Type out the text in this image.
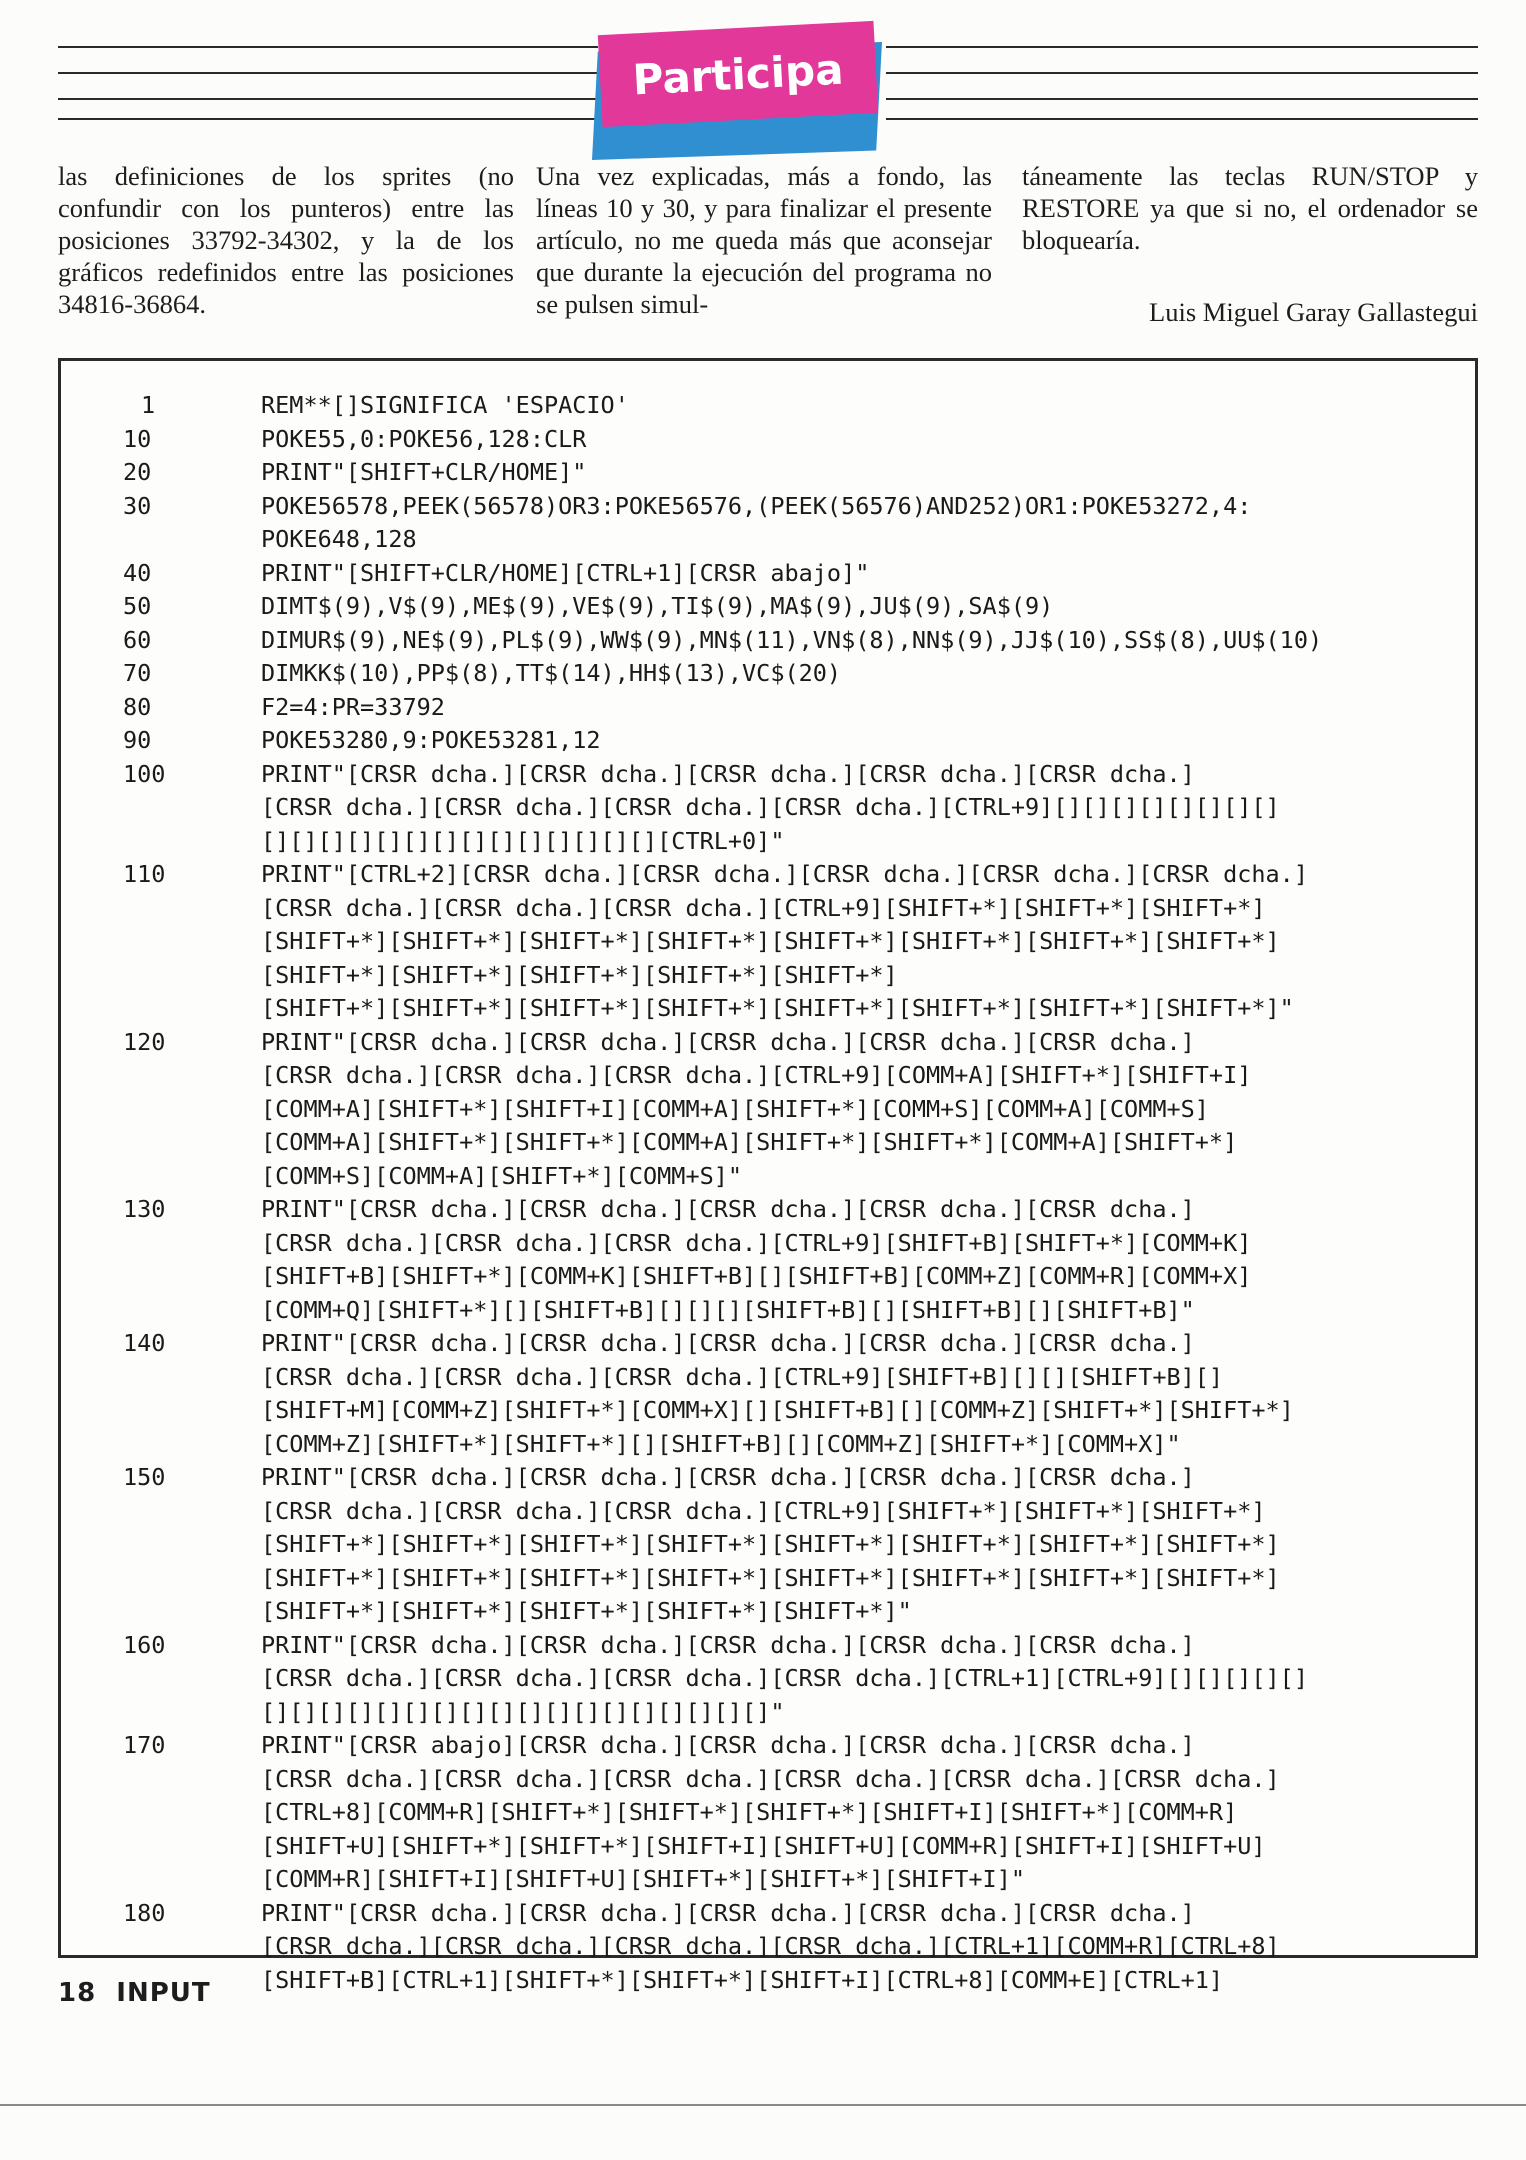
Participa

las definiciones de los sprites (no confundir con los punteros) entre las posiciones 33792-34302, y la de los gráficos redefinidos entre las posiciones 34816-36864.

Una vez explicadas, más a fondo, las líneas 10 y 30, y para finalizar el presente artículo, no me queda más que aconsejar que durante la ejecución del programa no se pulsen simul-

táneamente las teclas RUN/STOP y RESTORE ya que si no, el ordenador se bloquearía.

Luis Miguel Garay Gallastegui

1	REM**[]SIGNIFICA 'ESPACIO'
10	POKE55,0:POKE56,128:CLR
20	PRINT"[SHIFT+CLR/HOME]"
30	POKE56578,PEEK(56578)OR3:POKE56576,(PEEK(56576)AND252)OR1:POKE53272,4:
POKE648,128
40	PRINT"[SHIFT+CLR/HOME][CTRL+1][CRSR abajo]"
50	DIMT$(9),V$(9),ME$(9),VE$(9),TI$(9),MA$(9),JU$(9),SA$(9)
60	DIMUR$(9),NE$(9),PL$(9),WW$(9),MN$(11),VN$(8),NN$(9),JJ$(10),SS$(8),UU$(10)
70	DIMKK$(10),PP$(8),TT$(14),HH$(13),VC$(20)
80	F2=4:PR=33792
90	POKE53280,9:POKE53281,12
100	PRINT"[CRSR dcha.][CRSR dcha.][CRSR dcha.][CRSR dcha.][CRSR dcha.]
[CRSR dcha.][CRSR dcha.][CRSR dcha.][CRSR dcha.][CTRL+9][][][][][][][][]
[][][][][][][][][][][][][][][CTRL+0]"
110	PRINT"[CTRL+2][CRSR dcha.][CRSR dcha.][CRSR dcha.][CRSR dcha.][CRSR dcha.]
[CRSR dcha.][CRSR dcha.][CRSR dcha.][CTRL+9][SHIFT+*][SHIFT+*][SHIFT+*]
[SHIFT+*][SHIFT+*][SHIFT+*][SHIFT+*][SHIFT+*][SHIFT+*][SHIFT+*][SHIFT+*]
[SHIFT+*][SHIFT+*][SHIFT+*][SHIFT+*][SHIFT+*]
[SHIFT+*][SHIFT+*][SHIFT+*][SHIFT+*][SHIFT+*][SHIFT+*][SHIFT+*][SHIFT+*]"
120	PRINT"[CRSR dcha.][CRSR dcha.][CRSR dcha.][CRSR dcha.][CRSR dcha.]
[CRSR dcha.][CRSR dcha.][CRSR dcha.][CTRL+9][COMM+A][SHIFT+*][SHIFT+I]
[COMM+A][SHIFT+*][SHIFT+I][COMM+A][SHIFT+*][COMM+S][COMM+A][COMM+S]
[COMM+A][SHIFT+*][SHIFT+*][COMM+A][SHIFT+*][SHIFT+*][COMM+A][SHIFT+*]
[COMM+S][COMM+A][SHIFT+*][COMM+S]"
130	PRINT"[CRSR dcha.][CRSR dcha.][CRSR dcha.][CRSR dcha.][CRSR dcha.]
[CRSR dcha.][CRSR dcha.][CRSR dcha.][CTRL+9][SHIFT+B][SHIFT+*][COMM+K]
[SHIFT+B][SHIFT+*][COMM+K][SHIFT+B][][SHIFT+B][COMM+Z][COMM+R][COMM+X]
[COMM+Q][SHIFT+*][][SHIFT+B][][][][SHIFT+B][][SHIFT+B][][SHIFT+B]"
140	PRINT"[CRSR dcha.][CRSR dcha.][CRSR dcha.][CRSR dcha.][CRSR dcha.]
[CRSR dcha.][CRSR dcha.][CRSR dcha.][CTRL+9][SHIFT+B][][][SHIFT+B][]
[SHIFT+M][COMM+Z][SHIFT+*][COMM+X][][SHIFT+B][][COMM+Z][SHIFT+*][SHIFT+*]
[COMM+Z][SHIFT+*][SHIFT+*][][SHIFT+B][][COMM+Z][SHIFT+*][COMM+X]"
150	PRINT"[CRSR dcha.][CRSR dcha.][CRSR dcha.][CRSR dcha.][CRSR dcha.]
[CRSR dcha.][CRSR dcha.][CRSR dcha.][CTRL+9][SHIFT+*][SHIFT+*][SHIFT+*]
[SHIFT+*][SHIFT+*][SHIFT+*][SHIFT+*][SHIFT+*][SHIFT+*][SHIFT+*][SHIFT+*]
[SHIFT+*][SHIFT+*][SHIFT+*][SHIFT+*][SHIFT+*][SHIFT+*][SHIFT+*][SHIFT+*]
[SHIFT+*][SHIFT+*][SHIFT+*][SHIFT+*][SHIFT+*]"
160	PRINT"[CRSR dcha.][CRSR dcha.][CRSR dcha.][CRSR dcha.][CRSR dcha.]
[CRSR dcha.][CRSR dcha.][CRSR dcha.][CRSR dcha.][CTRL+1][CTRL+9][][][][][]
[][][][][][][][][][][][][][][][][][]"
170	PRINT"[CRSR abajo][CRSR dcha.][CRSR dcha.][CRSR dcha.][CRSR dcha.]
[CRSR dcha.][CRSR dcha.][CRSR dcha.][CRSR dcha.][CRSR dcha.][CRSR dcha.]
[CTRL+8][COMM+R][SHIFT+*][SHIFT+*][SHIFT+*][SHIFT+I][SHIFT+*][COMM+R]
[SHIFT+U][SHIFT+*][SHIFT+*][SHIFT+I][SHIFT+U][COMM+R][SHIFT+I][SHIFT+U]
[COMM+R][SHIFT+I][SHIFT+U][SHIFT+*][SHIFT+*][SHIFT+I]"
180	PRINT"[CRSR dcha.][CRSR dcha.][CRSR dcha.][CRSR dcha.][CRSR dcha.]
[CRSR dcha.][CRSR dcha.][CRSR dcha.][CRSR dcha.][CTRL+1][COMM+R][CTRL+8]
[SHIFT+B][CTRL+1][SHIFT+*][SHIFT+*][SHIFT+I][CTRL+8][COMM+E][CTRL+1]
18 INPUT
